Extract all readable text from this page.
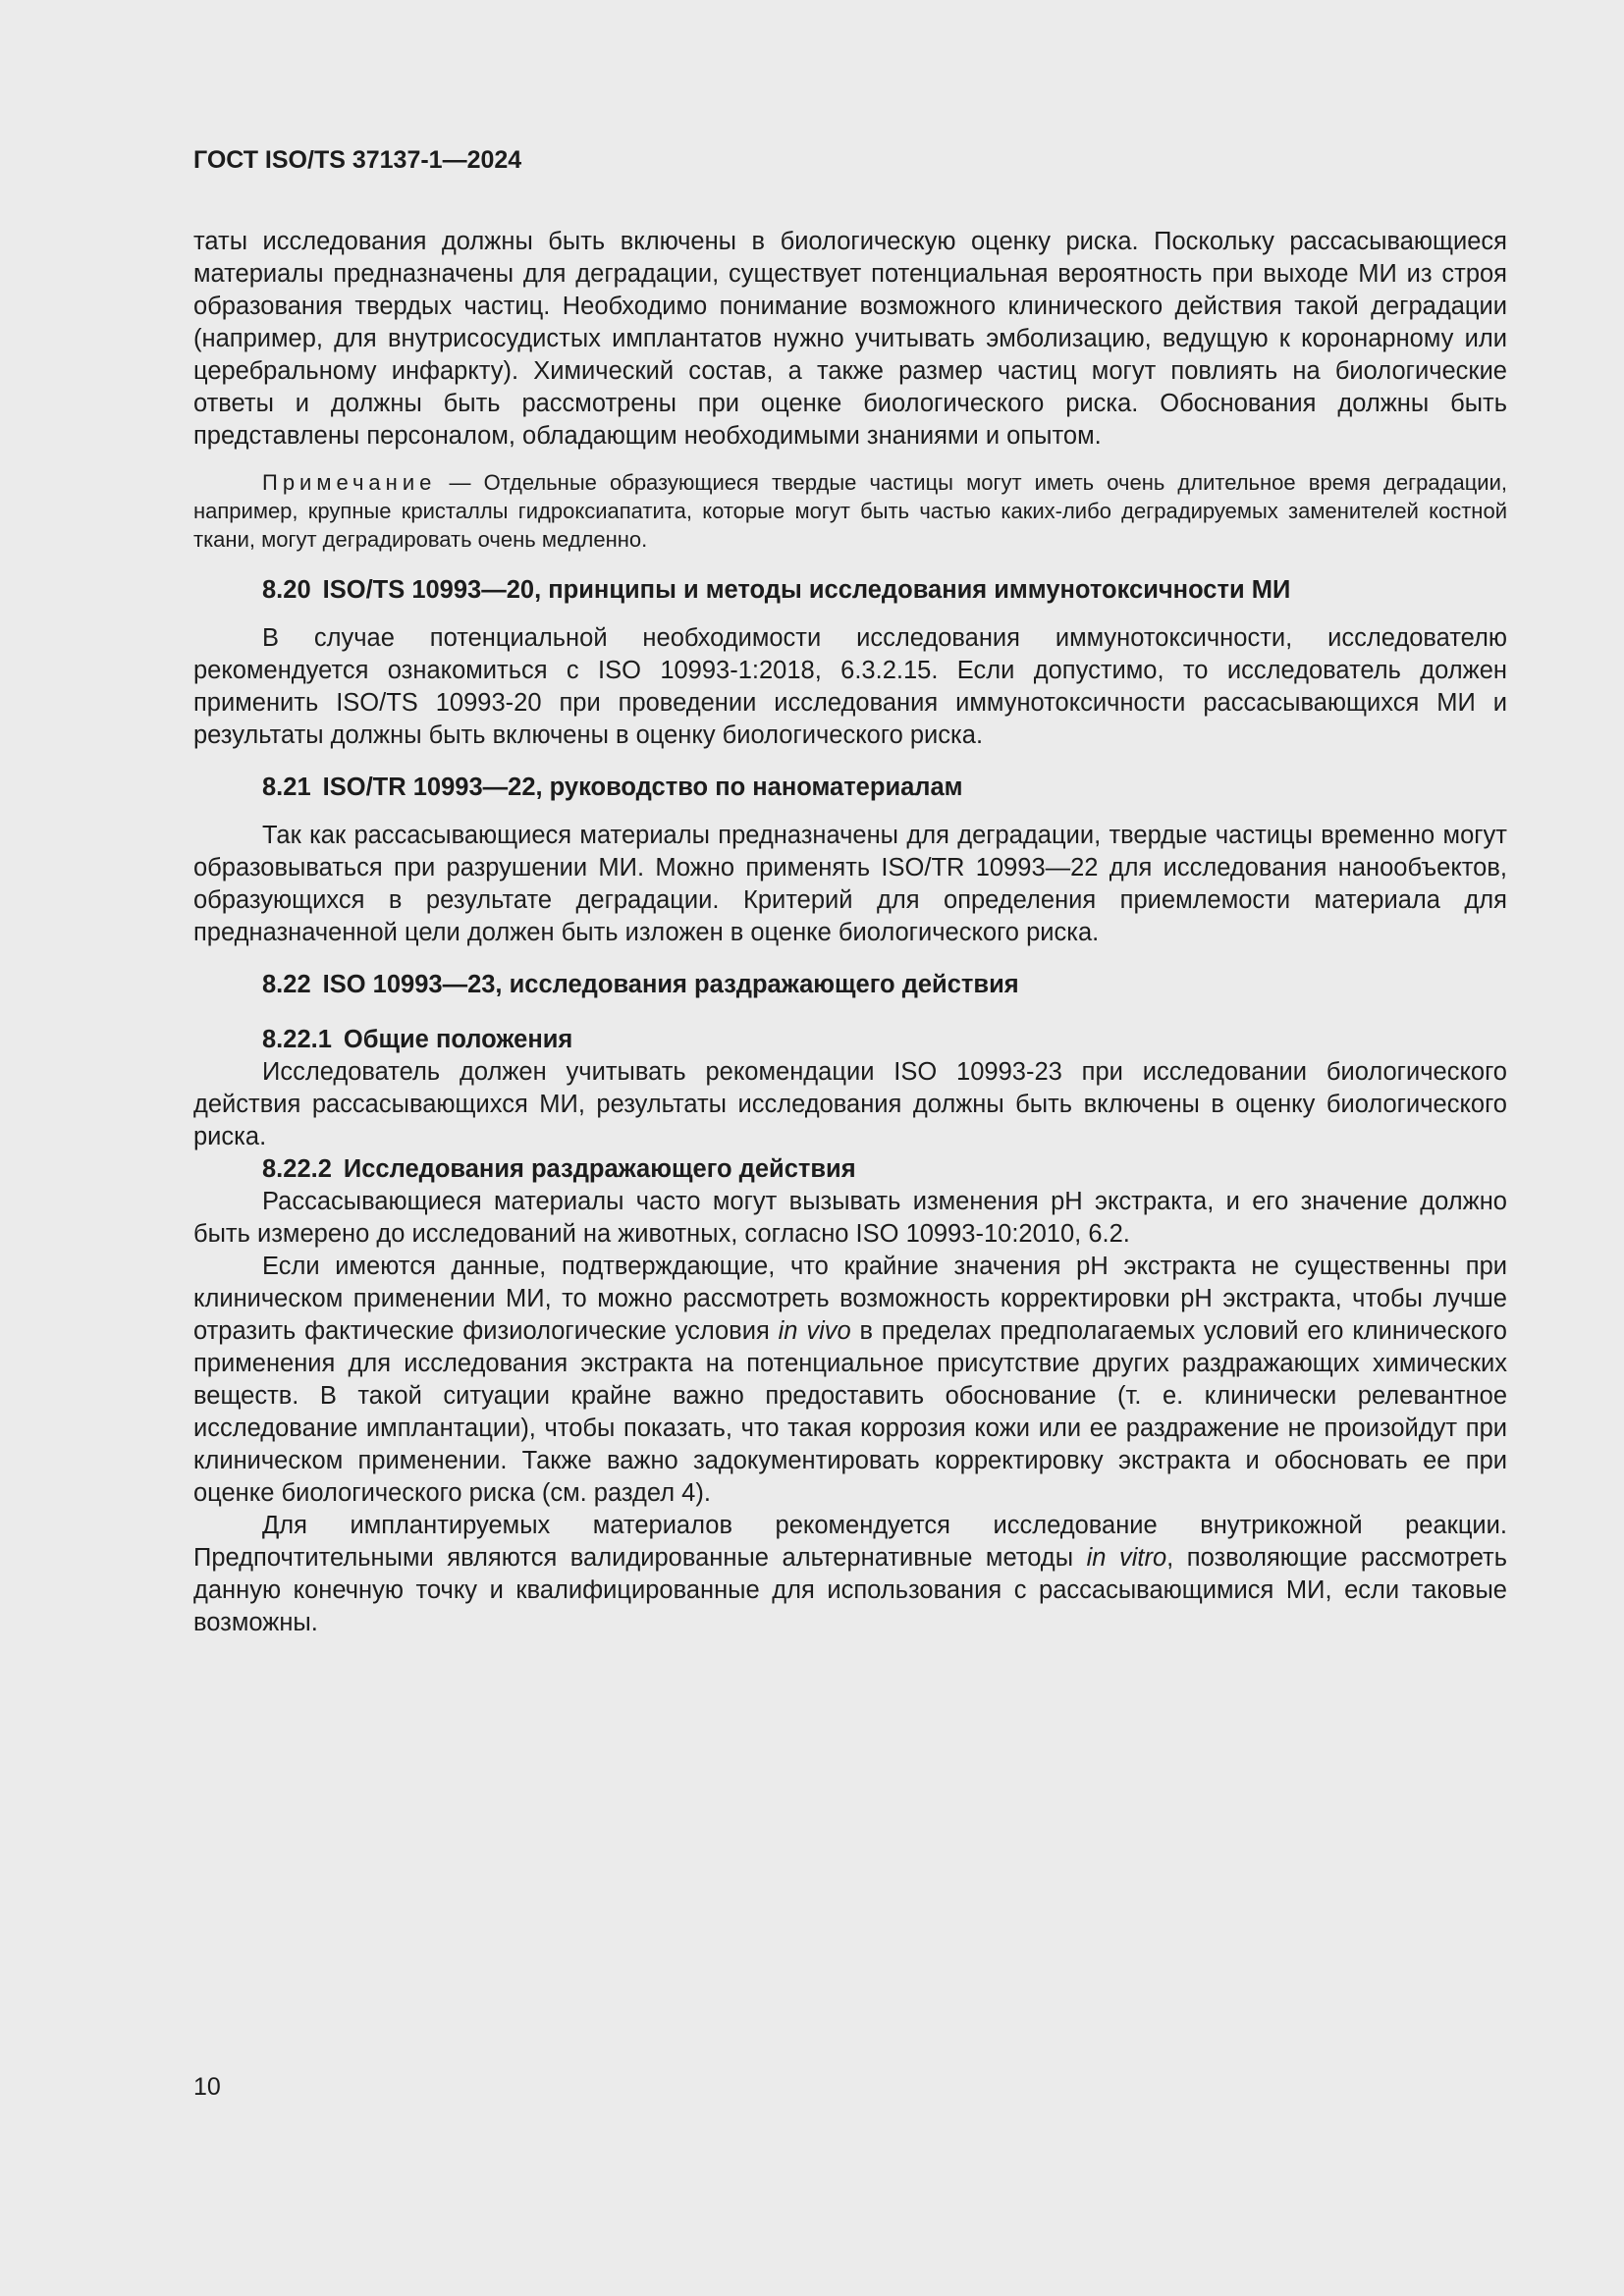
ГОСТ ISO/TS 37137-1—2024

таты исследования должны быть включены в биологическую оценку риска. Поскольку рассасывающиеся материалы предназначены для деградации, существует потенциальная вероятность при выходе МИ из строя образования твердых частиц. Необходимо понимание возможного клинического действия такой деградации (например, для внутрисосудистых имплантатов нужно учитывать эмболизацию, ведущую к коронарному или церебральному инфаркту). Химический состав, а также размер частиц могут повлиять на биологические ответы и должны быть рассмотрены при оценке биологического риска. Обоснования должны быть представлены персоналом, обладающим необходимыми знаниями и опытом.

Примечание — Отдельные образующиеся твердые частицы могут иметь очень длительное время деградации, например, крупные кристаллы гидроксиапатита, которые могут быть частью каких-либо деградируемых заменителей костной ткани, могут деградировать очень медленно.
8.20 ISO/TS 10993—20, принципы и методы исследования иммунотоксичности МИ

В случае потенциальной необходимости исследования иммунотоксичности, исследователю рекомендуется ознакомиться с ISO 10993-1:2018, 6.3.2.15. Если допустимо, то исследователь должен применить ISO/TS 10993-20 при проведении исследования иммунотоксичности рассасывающихся МИ и результаты должны быть включены в оценку биологического риска.

8.21 ISO/TR 10993—22, руководство по наноматериалам

Так как рассасывающиеся материалы предназначены для деградации, твердые частицы временно могут образовываться при разрушении МИ. Можно применять ISO/TR 10993—22 для исследования нанообъектов, образующихся в результате деградации. Критерий для определения приемлемости материала для предназначенной цели должен быть изложен в оценке биологического риска.

8.22 ISO 10993—23, исследования раздражающего действия
8.22.1 Общие положения

Исследователь должен учитывать рекомендации ISO 10993-23 при исследовании биологического действия рассасывающихся МИ, результаты исследования должны быть включены в оценку биологического риска.

8.22.2 Исследования раздражающего действия

Рассасывающиеся материалы часто могут вызывать изменения pH экстракта, и его значение должно быть измерено до исследований на животных, согласно ISO 10993-10:2010, 6.2.

Если имеются данные, подтверждающие, что крайние значения pH экстракта не существенны при клиническом применении МИ, то можно рассмотреть возможность корректировки pH экстракта, чтобы лучше отразить фактические физиологические условия in vivo в пределах предполагаемых условий его клинического применения для исследования экстракта на потенциальное присутствие других раздражающих химических веществ. В такой ситуации крайне важно предоставить обоснование (т. е. клинически релевантное исследование имплантации), чтобы показать, что такая коррозия кожи или ее раздражение не произойдут при клиническом применении. Также важно задокументировать корректировку экстракта и обосновать ее при оценке биологического риска (см. раздел 4).

Для имплантируемых материалов рекомендуется исследование внутрикожной реакции. Предпочтительными являются валидированные альтернативные методы in vitro, позволяющие рассмотреть данную конечную точку и квалифицированные для использования с рассасывающимися МИ, если таковые возможны.

10
